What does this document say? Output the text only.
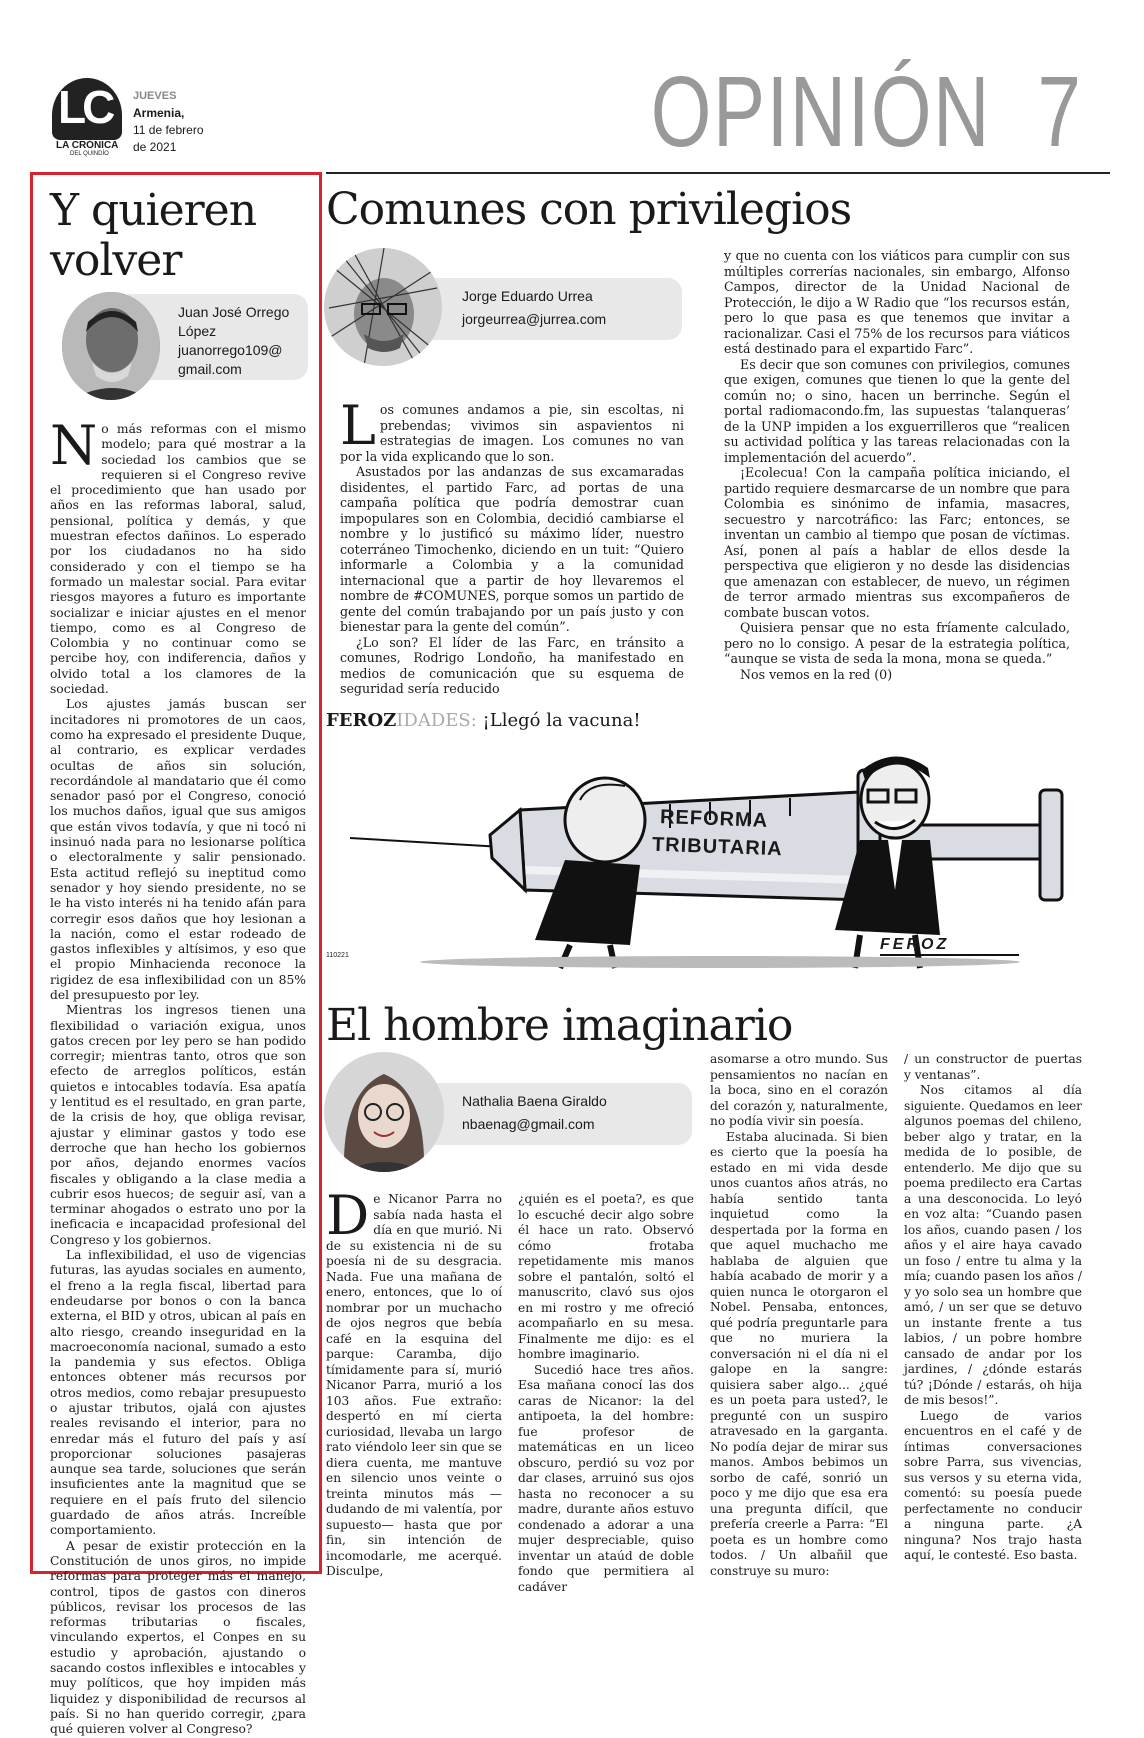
LC
LA CRÓNICA
DEL QUINDÍO
JUEVES
Armenia,
11 de febrero
de 2021	OPINIÓN 7
Y quieren volver
Juan José Orrego López
juanorrego109@ gmail.com

No más reformas con el mismo modelo; para qué mostrar a la sociedad los cambios que se requieren si el Congreso revive el procedimiento que han usado por años en las reformas laboral, salud, pensional, política y demás, y que muestran efectos dañinos. Lo esperado por los ciudadanos no ha sido considerado y con el tiempo se ha formado un malestar social. Para evitar riesgos mayores a futuro es importante socializar e iniciar ajustes en el menor tiempo, como es al Congreso de Colombia y no continuar como se percibe hoy, con indiferencia, daños y olvido total a los clamores de la sociedad.

Los ajustes jamás buscan ser incitadores ni promotores de un caos, como ha expresado el presidente Duque, al contrario, es explicar verdades ocultas de años sin solución, recordándole al mandatario que él como senador pasó por el Congreso, conoció los muchos daños, igual que sus amigos que están vivos todavía, y que ni tocó ni insinuó nada para no lesionarse política o electoralmente y salir pensionado. Esta actitud reflejó su ineptitud como senador y hoy siendo presidente, no se le ha visto interés ni ha tenido afán para corregir esos daños que hoy lesionan a la nación, como el estar rodeado de gastos inflexibles y altísimos, y eso que el propio Minhacienda reconoce la rigidez de esa inflexibilidad con un 85% del presupuesto por ley.

Mientras los ingresos tienen una flexibilidad o variación exigua, unos gatos crecen por ley pero se han podido corregir; mientras tanto, otros que son efecto de arreglos políticos, están quietos e intocables todavía. Esa apatía y lentitud es el resultado, en gran parte, de la crisis de hoy, que obliga revisar, ajustar y eliminar gastos y todo ese derroche que han hecho los gobiernos por años, dejando enormes vacíos fiscales y obligando a la clase media a cubrir esos huecos; de seguir así, van a terminar ahogados o estrato uno por la ineficacia e incapacidad profesional del Congreso y los gobiernos.

La inflexibilidad, el uso de vigencias futuras, las ayudas sociales en aumento, el freno a la regla fiscal, libertad para endeudarse por bonos o con la banca externa, el BID y otros, ubican al país en alto riesgo, creando inseguridad en la macroeconomía nacional, sumado a esto la pandemia y sus efectos. Obliga entonces obtener más recursos por otros medios, como rebajar presupuesto o ajustar tributos, ojalá con ajustes reales revisando el interior, para no enredar más el futuro del país y así proporcionar soluciones pasajeras aunque sea tarde, soluciones que serán insuficientes ante la magnitud que se requiere en el país fruto del silencio guardado de años atrás. Increíble comportamiento.

A pesar de existir protección en la Constitución de unos giros, no impide reformas para proteger más el manejo, control, tipos de gastos con dineros públicos, revisar los procesos de las reformas tributarias o fiscales, vinculando expertos, el Conpes en su estudio y aprobación, ajustando o sacando costos inflexibles e intocables y muy políticos, que hoy impiden más liquidez y disponibilidad de recursos al país. Si no han querido corregir, ¿para qué quieren volver al Congreso?

Comunes con privilegios
Jorge Eduardo Urrea
jorgeurrea@jurrea.com

Los comunes andamos a pie, sin escoltas, ni prebendas; vivimos sin aspavientos ni estrategias de imagen. Los comunes no van por la vida explicando que lo son.

Asustados por las andanzas de sus excamaradas disidentes, el partido Farc, ad portas de una campaña política que podría demostrar cuan impopulares son en Colombia, decidió cambiarse el nombre y lo justificó su máximo líder, nuestro coterráneo Timochenko, diciendo en un tuit: “Quiero informarle a Colombia y a la comunidad internacional que a partir de hoy llevaremos el nombre de #COMUNES, porque somos un partido de gente del común trabajando por un país justo y con bienestar para la gente del común”.

¿Lo son? El líder de las Farc, en tránsito a comunes, Rodrigo Londoño, ha manifestado en medios de comunicación que su esquema de seguridad sería reducido

y que no cuenta con los viáticos para cumplir con sus múltiples correrías nacionales, sin embargo, Alfonso Campos, director de la Unidad Nacional de Protección, le dijo a W Radio que “los recursos están, pero lo que pasa es que tenemos que invitar a racionalizar. Casi el 75% de los recursos para viáticos está destinado para el expartido Farc”.

Es decir que son comunes con privilegios, comunes que exigen, comunes que tienen lo que la gente del común no; o sino, hacen un berrinche. Según el portal radiomacondo.fm, las supuestas ‘talanqueras’ de la UNP impiden a los exguerrilleros que “realicen su actividad política y las tareas relacionadas con la implementación del acuerdo”.

¡Ecolecua! Con la campaña política iniciando, el partido requiere desmarcarse de un nombre que para Colombia es sinónimo de infamia, masacres, secuestro y narcotráfico: las Farc; entonces, se inventan un cambio al tiempo que posan de víctimas. Así, ponen al país a hablar de ellos desde la perspectiva que eligieron y no desde las disidencias que amenazan con establecer, de nuevo, un régimen de terror armado mientras sus excompañeros de combate buscan votos.

Quisiera pensar que no esta fríamente calculado, pero no lo consigo. A pesar de la estrategia política, “aunque se vista de seda la mona, mona se queda.”

Nos vemos en la red (0)

FEROZIDADES: ¡Llegó la vacuna!
REFORMA
TRIBUTARIA
FEROZ
110221
El hombre imaginario
Nathalia Baena Giraldo
nbaenag@gmail.com

De Nicanor Parra no sabía nada hasta el día en que murió. Ni de su existencia ni de su poesía ni de su desgracia. Nada. Fue una mañana de enero, entonces, que lo oí nombrar por un muchacho de ojos negros que bebía café en la esquina del parque: Caramba, dijo tímidamente para sí, murió Nicanor Parra, murió a los 103 años. Fue extraño: despertó en mí cierta curiosidad, llevaba un largo rato viéndolo leer sin que se diera cuenta, me mantuve en silencio unos veinte o treinta minutos más —dudando de mi valentía, por supuesto— hasta que por fin, sin intención de incomodarle, me acerqué. Disculpe,

¿quién es el poeta?, es que lo escuché decir algo sobre él hace un rato. Observó cómo frotaba repetidamente mis manos sobre el pantalón, soltó el manuscrito, clavó sus ojos en mi rostro y me ofreció acompañarlo en su mesa. Finalmente me dijo: es el hombre imaginario.

Sucedió hace tres años. Esa mañana conocí las dos caras de Nicanor: la del antipoeta, la del hombre: fue profesor de matemáticas en un liceo obscuro, perdió su voz por dar clases, arruinó sus ojos hasta no reconocer a su madre, durante años estuvo condenado a adorar a una mujer despreciable, quiso inventar un ataúd de doble fondo que permitiera al cadáver

asomarse a otro mundo. Sus pensamientos no nacían en la boca, sino en el corazón del corazón y, naturalmente, no podía vivir sin poesía.

Estaba alucinada. Si bien es cierto que la poesía ha estado en mi vida desde unos cuantos años atrás, no había sentido tanta inquietud como la despertada por la forma en que aquel muchacho me hablaba de alguien que había acabado de morir y a quien nunca le otorgaron el Nobel. Pensaba, entonces, qué podría preguntarle para que no muriera la conversación ni el día ni el galope en la sangre: quisiera saber algo... ¿qué es un poeta para usted?, le pregunté con un suspiro atravesado en la garganta. No podía dejar de mirar sus manos. Ambos bebimos un sorbo de café, sonrió un poco y me dijo que esa era una pregunta difícil, que prefería creerle a Parra: “El poeta es un hombre como todos. / Un albañil que construye su muro:

/ un constructor de puertas y ventanas”.

Nos citamos al día siguiente. Quedamos en leer algunos poemas del chileno, beber algo y tratar, en la medida de lo posible, de entenderlo. Me dijo que su poema predilecto era Cartas a una desconocida. Lo leyó en voz alta: “Cuando pasen los años, cuando pasen / los años y el aire haya cavado un foso / entre tu alma y la mía; cuando pasen los años / y yo solo sea un hombre que amó, / un ser que se detuvo un instante frente a tus labios, / un pobre hombre cansado de andar por los jardines, / ¿dónde estarás tú? ¡Dónde / estarás, oh hija de mis besos!”.

Luego de varios encuentros en el café y de íntimas conversaciones sobre Parra, sus vivencias, sus versos y su eterna vida, comentó: su poesía puede perfectamente no conducir a ninguna parte. ¿A ninguna? Nos trajo hasta aquí, le contesté. Eso basta.
